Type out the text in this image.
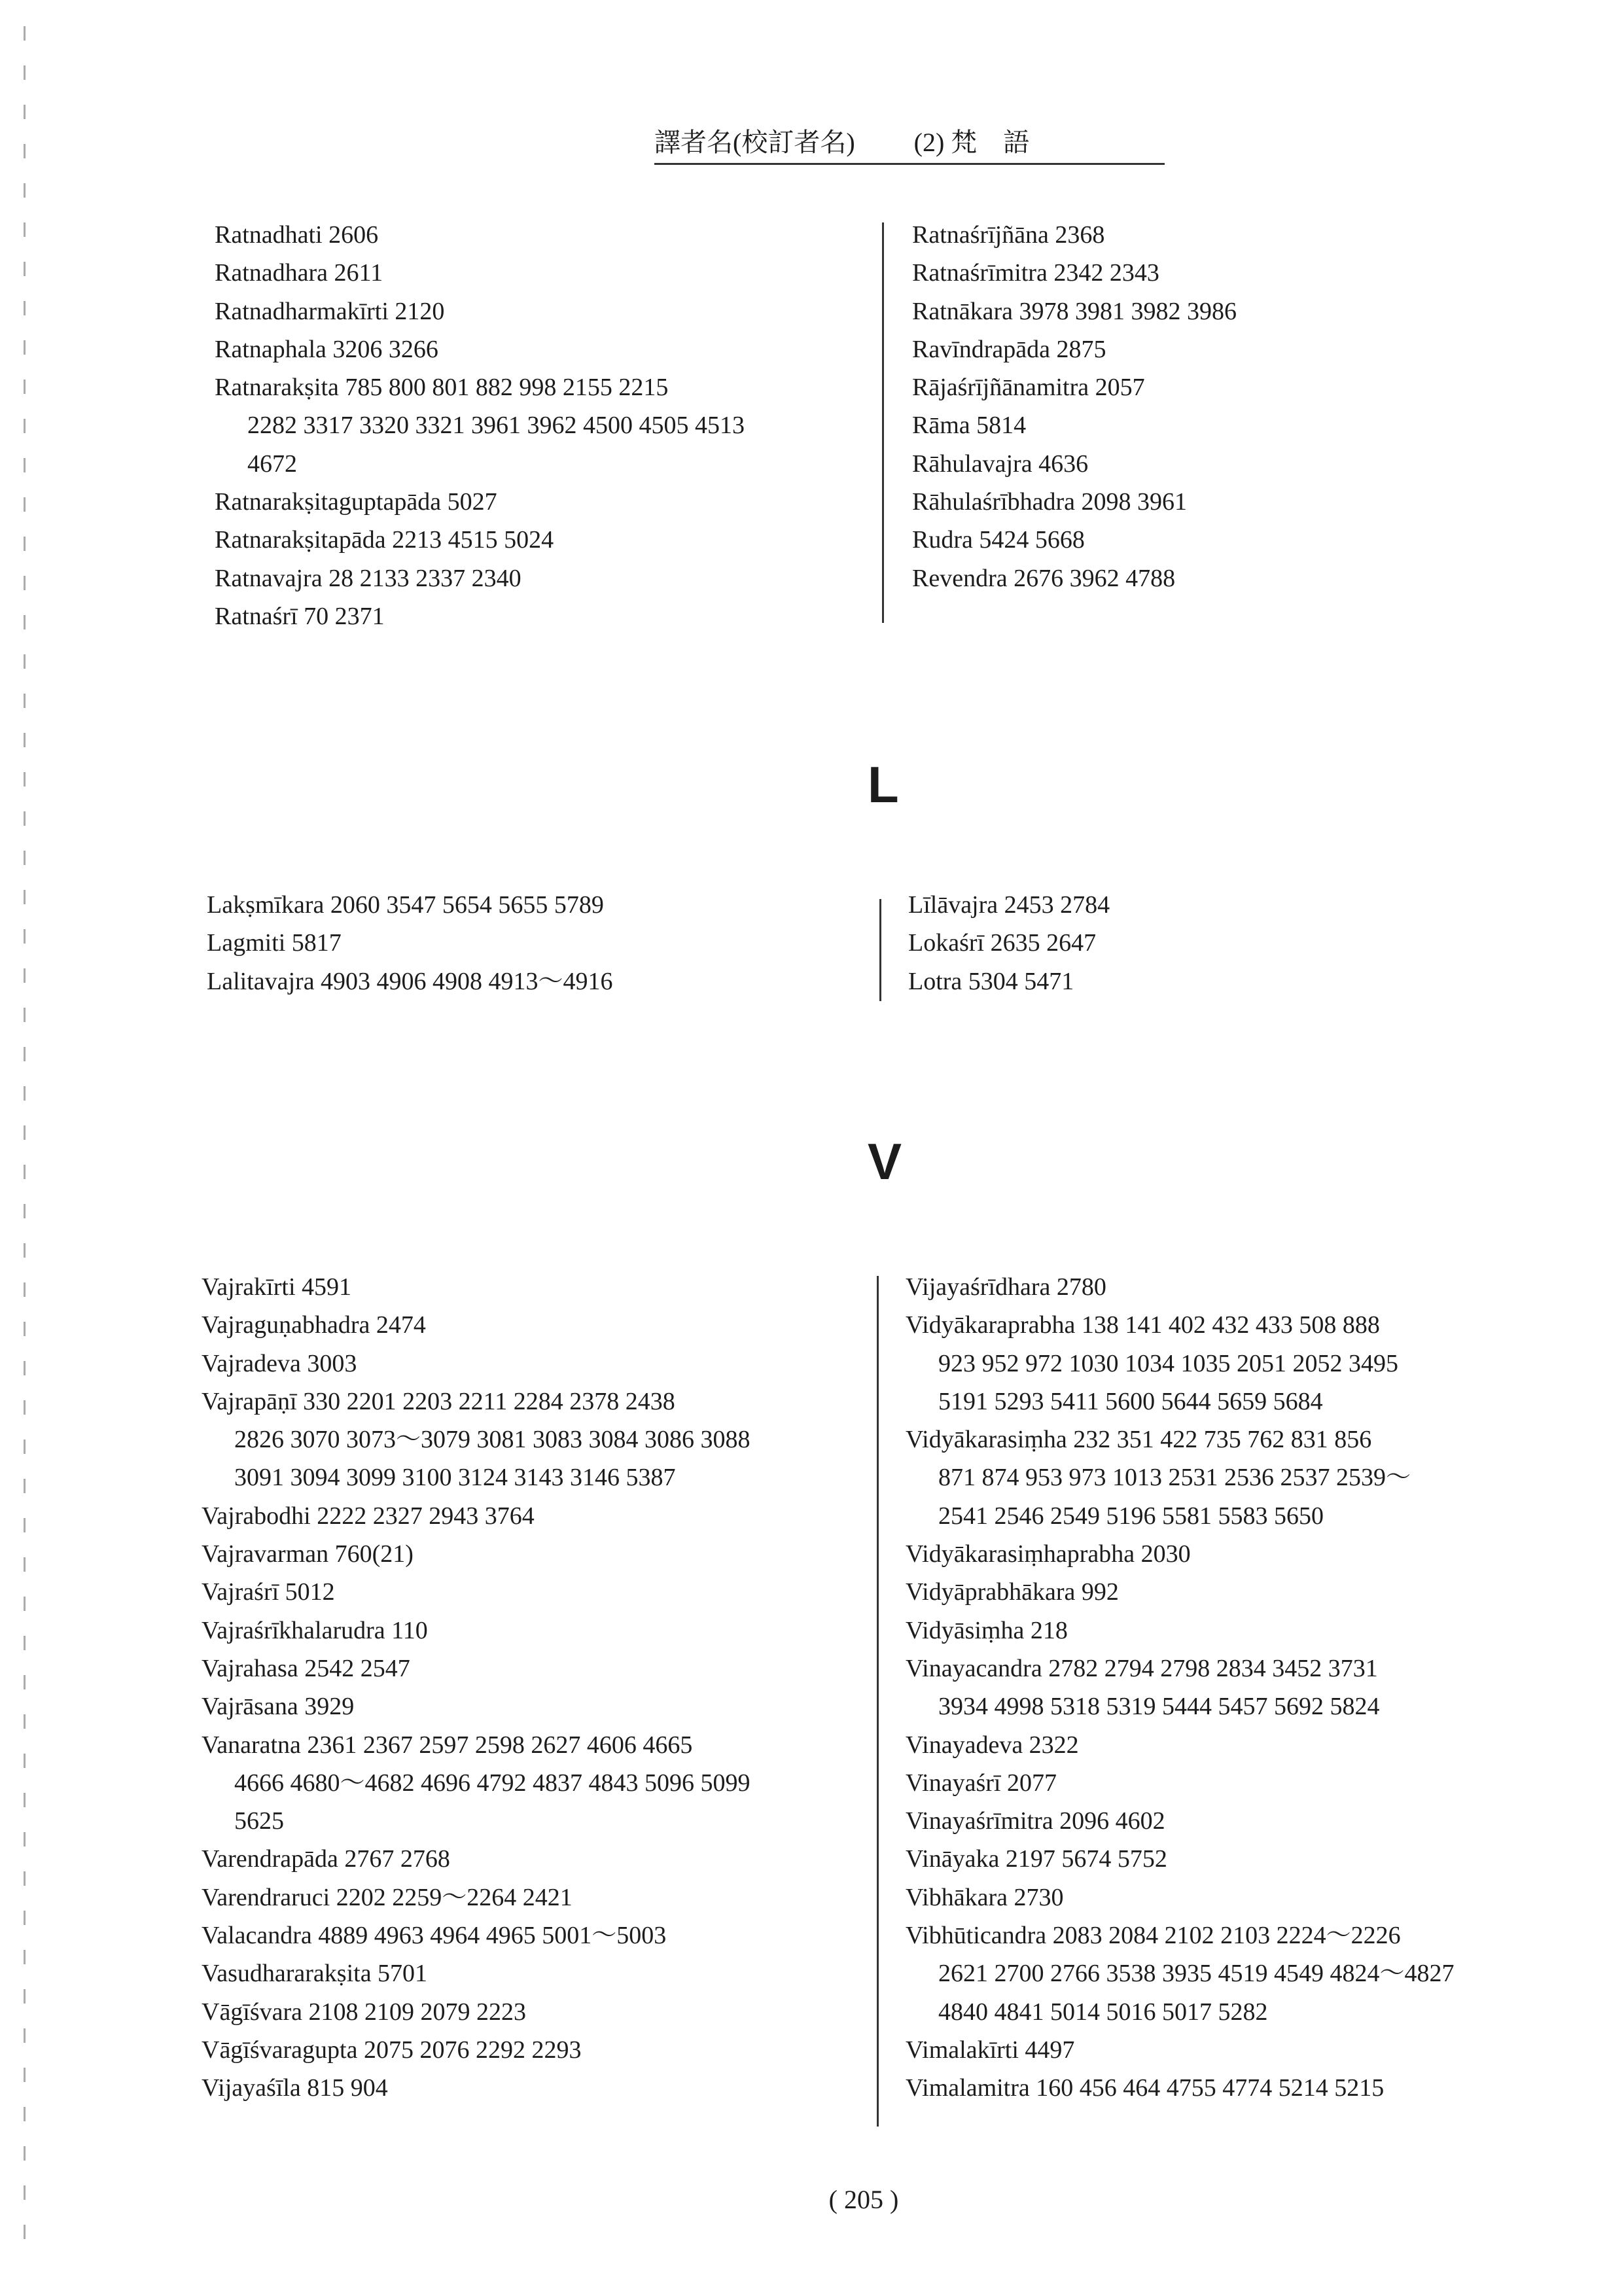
譯者名(校訂者名) (2) 梵　語
Ratnadhati 2606
Ratnadhara 2611
Ratnadharmakīrti 2120
Ratnaphala 3206 3266
Ratnarakṣita 785 800 801 882 998 2155 2215
2282 3317 3320 3321 3961 3962 4500 4505 4513
4672
Ratnarakṣitaguptapāda 5027
Ratnarakṣitapāda 2213 4515 5024
Ratnavajra 28 2133 2337 2340
Ratnaśrī 70 2371
Ratnaśrījñāna 2368
Ratnaśrīmitra 2342 2343
Ratnākara 3978 3981 3982 3986
Ravīndrapāda 2875
Rājaśrījñānamitra 2057
Rāma 5814
Rāhulavajra 4636
Rāhulaśrībhadra 2098 3961
Rudra 5424 5668
Revendra 2676 3962 4788
L
Lakṣmīkara 2060 3547 5654 5655 5789
Lagmiti 5817
Lalitavajra 4903 4906 4908 4913～4916
Līlāvajra 2453 2784
Lokaśrī 2635 2647
Lotra 5304 5471
V
Vajrakīrti 4591
Vajraguṇabhadra 2474
Vajradeva 3003
Vajrapāṇī 330 2201 2203 2211 2284 2378 2438
2826 3070 3073～3079 3081 3083 3084 3086 3088
3091 3094 3099 3100 3124 3143 3146 5387
Vajrabodhi 2222 2327 2943 3764
Vajravarman 760(21)
Vajraśrī 5012
Vajraśrīkhalarudra 110
Vajrahasa 2542 2547
Vajrāsana 3929
Vanaratna 2361 2367 2597 2598 2627 4606 4665
4666 4680～4682 4696 4792 4837 4843 5096 5099
5625
Varendrapāda 2767 2768
Varendraruci 2202 2259～2264 2421
Valacandra 4889 4963 4964 4965 5001～5003
Vasudhararakṣita 5701
Vāgīśvara 2108 2109 2079 2223
Vāgīśvaragupta 2075 2076 2292 2293
Vijayaśīla 815 904
Vijayaśrīdhara 2780
Vidyākaraprabha 138 141 402 432 433 508 888
923 952 972 1030 1034 1035 2051 2052 3495
5191 5293 5411 5600 5644 5659 5684
Vidyākarasiṃha 232 351 422 735 762 831 856
871 874 953 973 1013 2531 2536 2537 2539～
2541 2546 2549 5196 5581 5583 5650
Vidyākarasiṃhaprabha 2030
Vidyāprabhākara 992
Vidyāsiṃha 218
Vinayacandra 2782 2794 2798 2834 3452 3731
3934 4998 5318 5319 5444 5457 5692 5824
Vinayadeva 2322
Vinayaśrī 2077
Vinayaśrīmitra 2096 4602
Vināyaka 2197 5674 5752
Vibhākara 2730
Vibhūticandra 2083 2084 2102 2103 2224～2226
2621 2700 2766 3538 3935 4519 4549 4824～4827
4840 4841 5014 5016 5017 5282
Vimalakīrti 4497
Vimalamitra 160 456 464 4755 4774 5214 5215
( 205 )
